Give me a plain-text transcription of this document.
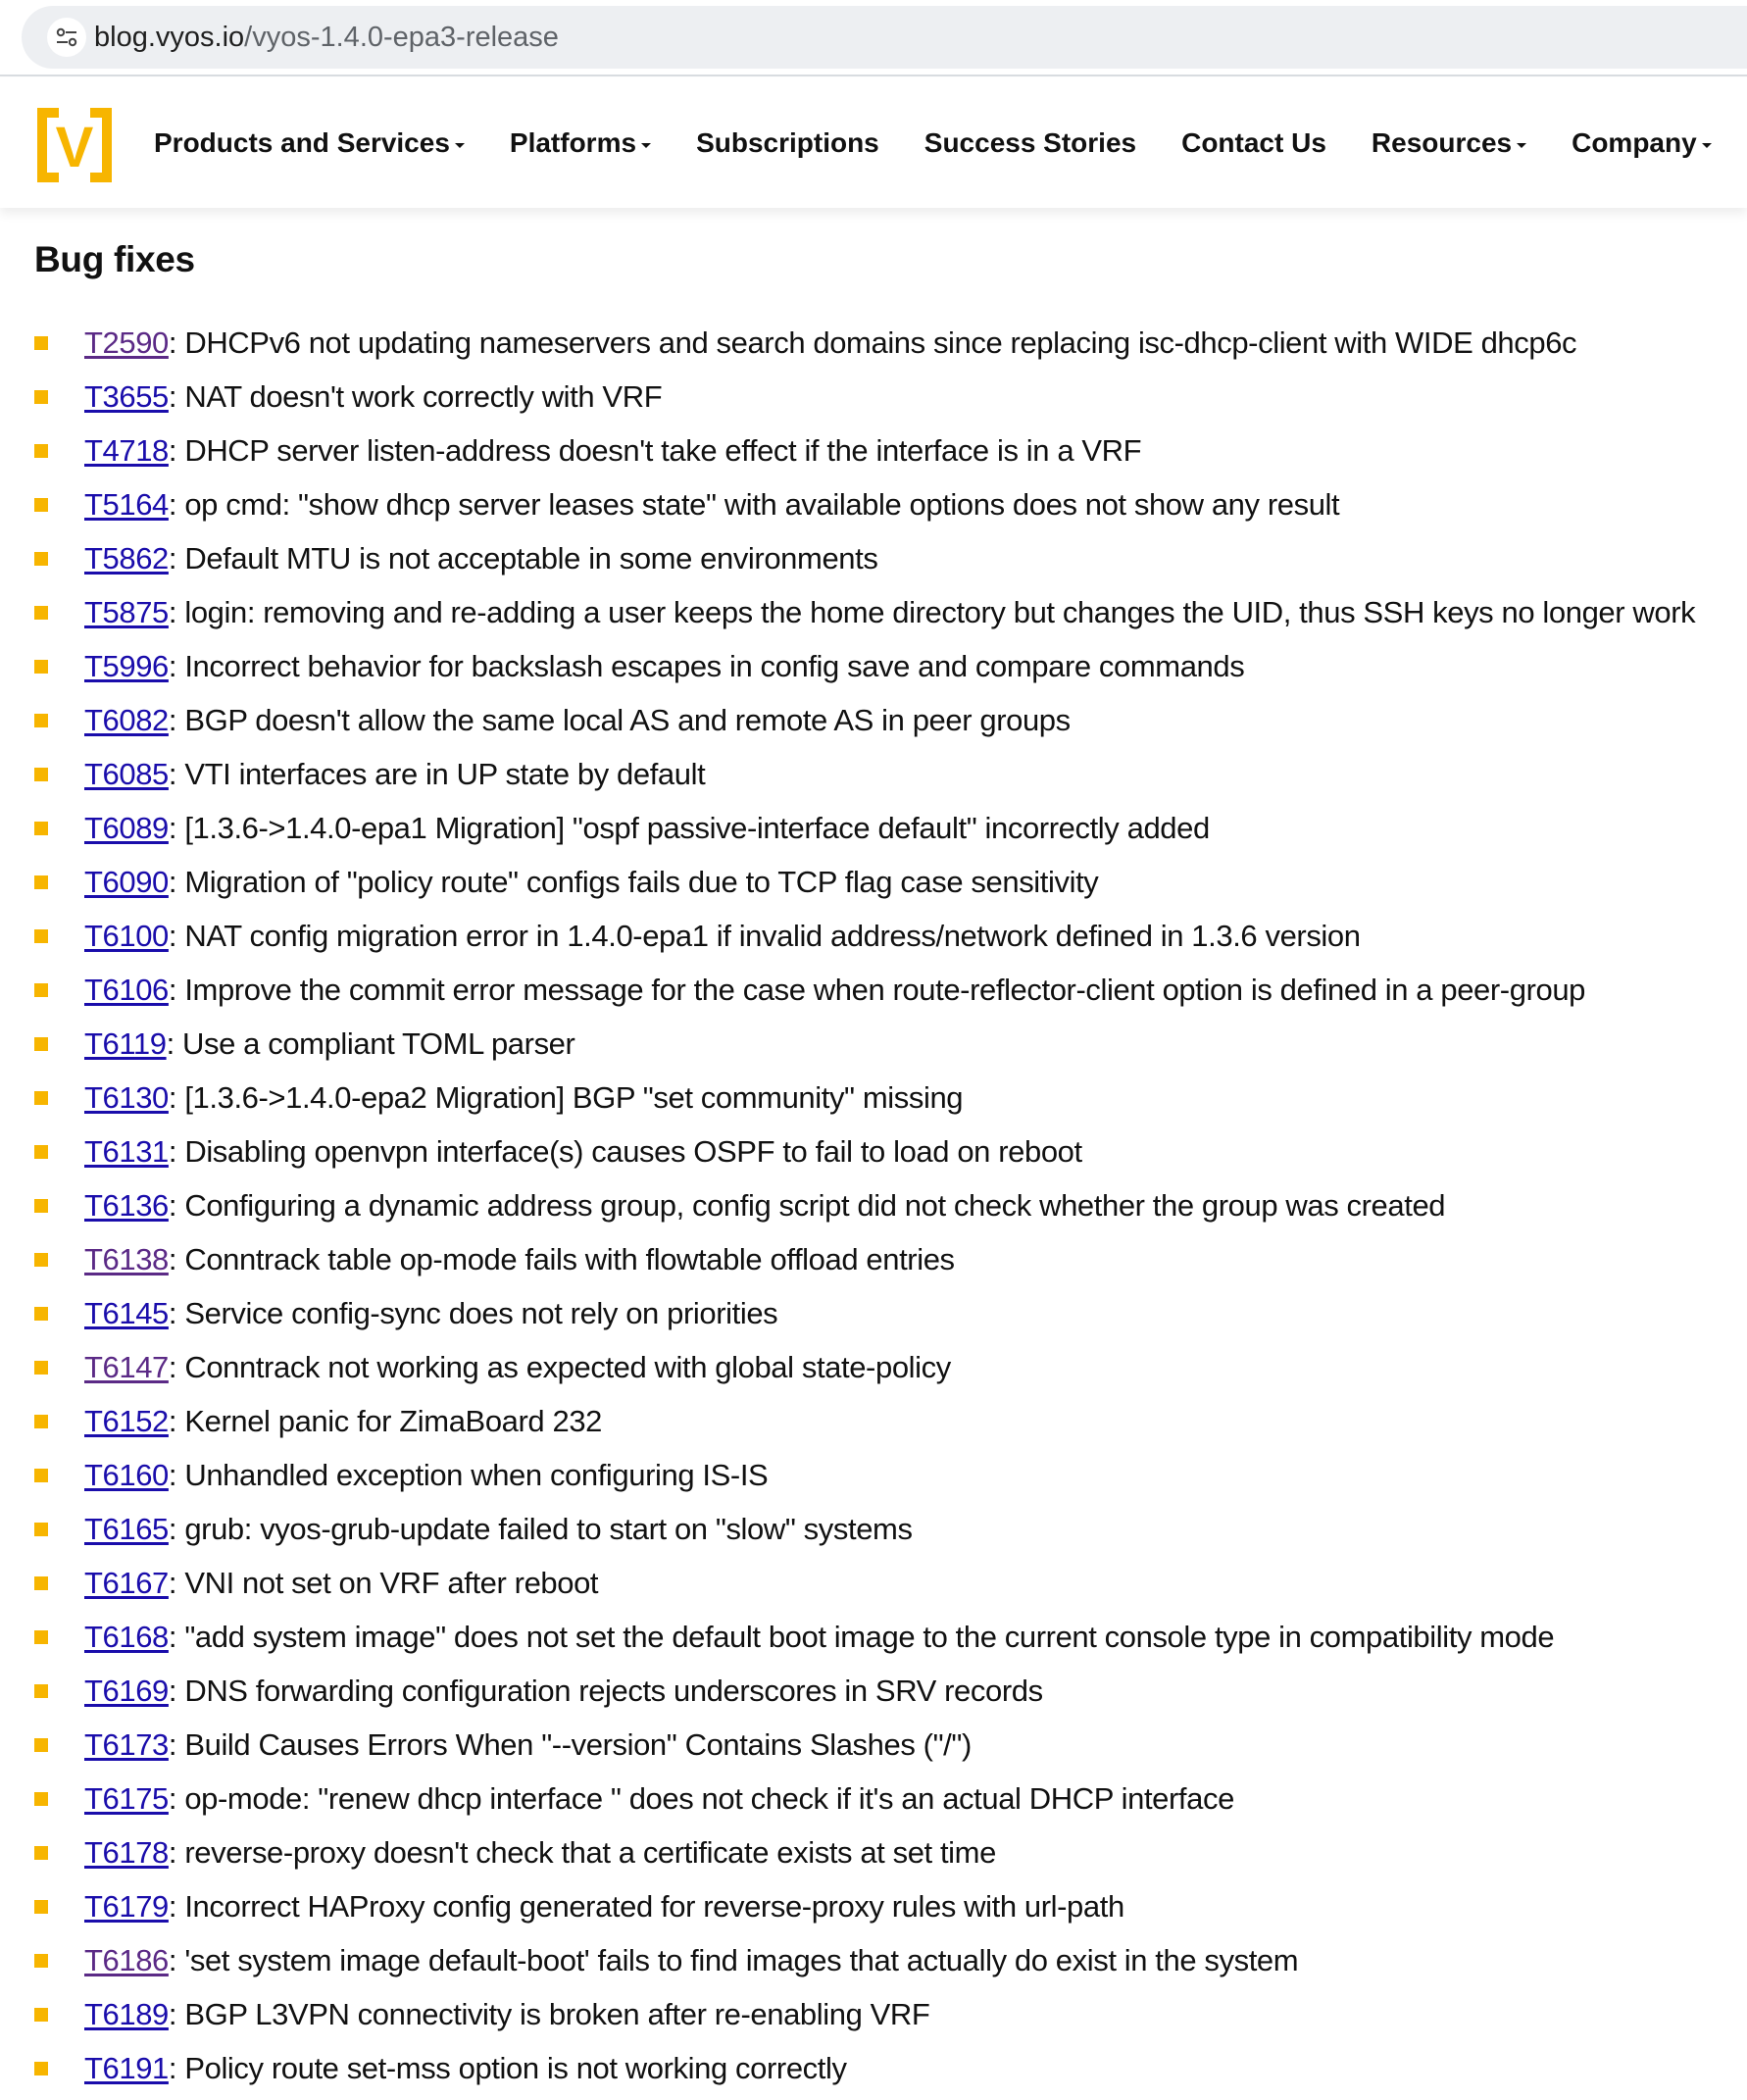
blog.vyos.io/vyos-1.4.0-epa3-release
V Products and Services Platforms Subscriptions Success Stories Contact Us Resources Company
Bug fixes
T2590 : DHCPv6 not updating nameservers and search domains since replacing isc-dhcp-client with WIDE dhcp6c
T3655 : NAT doesn't work correctly with VRF
T4718 : DHCP server listen-address doesn't take effect if the interface is in a VRF
T5164 : op cmd: "show dhcp server leases state" with available options does not show any result
T5862 : Default MTU is not acceptable in some environments
T5875 : login: removing and re-adding a user keeps the home directory but changes the UID, thus SSH keys no longer work
T5996 : Incorrect behavior for backslash escapes in config save and compare commands
T6082 : BGP doesn't allow the same local AS and remote AS in peer groups
T6085 : VTI interfaces are in UP state by default
T6089 : [1.3.6->1.4.0-epa1 Migration] "ospf passive-interface default" incorrectly added
T6090 : Migration of "policy route" configs fails due to TCP flag case sensitivity
T6100 : NAT config migration error in 1.4.0-epa1 if invalid address/network defined in 1.3.6 version
T6106 : Improve the commit error message for the case when route-reflector-client option is defined in a peer-group
T6119 : Use a compliant TOML parser
T6130 : [1.3.6->1.4.0-epa2 Migration] BGP "set community" missing
T6131 : Disabling openvpn interface(s) causes OSPF to fail to load on reboot
T6136 : Configuring a dynamic address group, config script did not check whether the group was created
T6138 : Conntrack table op-mode fails with flowtable offload entries
T6145 : Service config-sync does not rely on priorities
T6147 : Conntrack not working as expected with global state-policy
T6152 : Kernel panic for ZimaBoard 232
T6160 : Unhandled exception when configuring IS-IS
T6165 : grub: vyos-grub-update failed to start on "slow" systems
T6167 : VNI not set on VRF after reboot
T6168 : "add system image" does not set the default boot image to the current console type in compatibility mode
T6169 : DNS forwarding configuration rejects underscores in SRV records
T6173 : Build Causes Errors When "--version" Contains Slashes ("/")
T6175 : op-mode: "renew dhcp interface " does not check if it's an actual DHCP interface
T6178 : reverse-proxy doesn't check that a certificate exists at set time
T6179 : Incorrect HAProxy config generated for reverse-proxy rules with url-path
T6186 : 'set system image default-boot' fails to find images that actually do exist in the system
T6189 : BGP L3VPN connectivity is broken after re-enabling VRF
T6191 : Policy route set-mss option is not working correctly
